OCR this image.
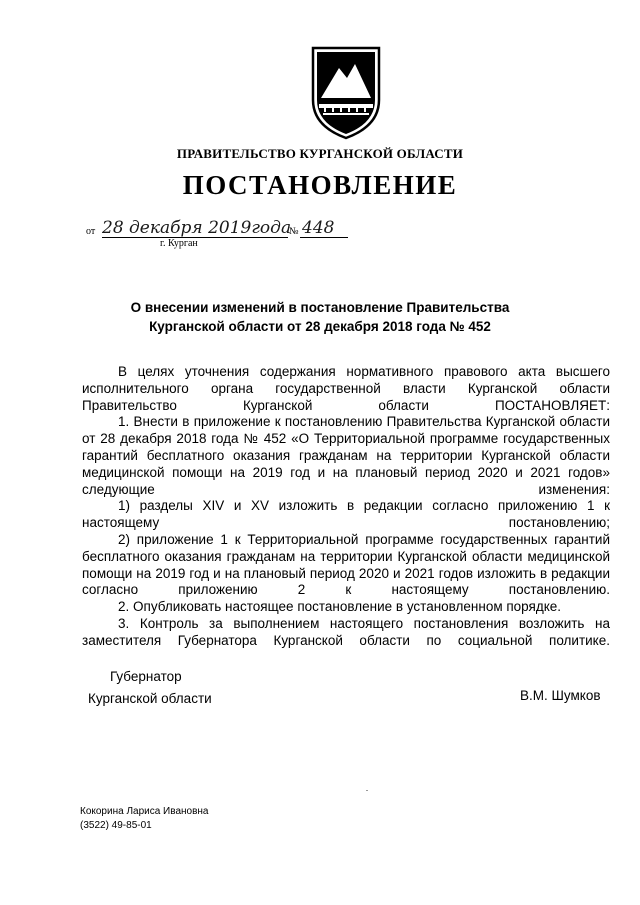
ПРАВИТЕЛЬСТВО КУРГАНСКОЙ ОБЛАСТИ
ПОСТАНОВЛЕНИЕ
от 28 декабря 2019года
№ 448
г. Курган
О внесении изменений в постановление Правительства
Курганской области от 28 декабря 2018 года № 452

В целях уточнения содержания нормативного правового акта высшего исполнительного органа государственной власти Курганской области Правительство Курганской области ПОСТАНОВЛЯЕТ:

1. Внести в приложение к постановлению Правительства Курганской области от 28 декабря 2018 года № 452 «О Территориальной программе государственных гарантий бесплатного оказания гражданам на территории Курганской области медицинской помощи на 2019 год и на плановый период 2020 и 2021 годов» следующие изменения:

1) разделы XIV и XV изложить в редакции согласно приложению 1 к настоящему постановлению;

2) приложение 1 к Территориальной программе государственных гарантий бесплатного оказания гражданам на территории Курганской области медицинской помощи на 2019 год и на плановый период 2020 и 2021 годов изложить в редакции согласно приложению 2 к настоящему постановлению.

2. Опубликовать настоящее постановление в установленном порядке.

3. Контроль за выполнением настоящего постановления возложить на заместителя Губернатора Курганской области по социальной политике.

Губернатор
Курганской области	В.М. Шумков
Кокорина Лариса Ивановна
(3522) 49-85-01
